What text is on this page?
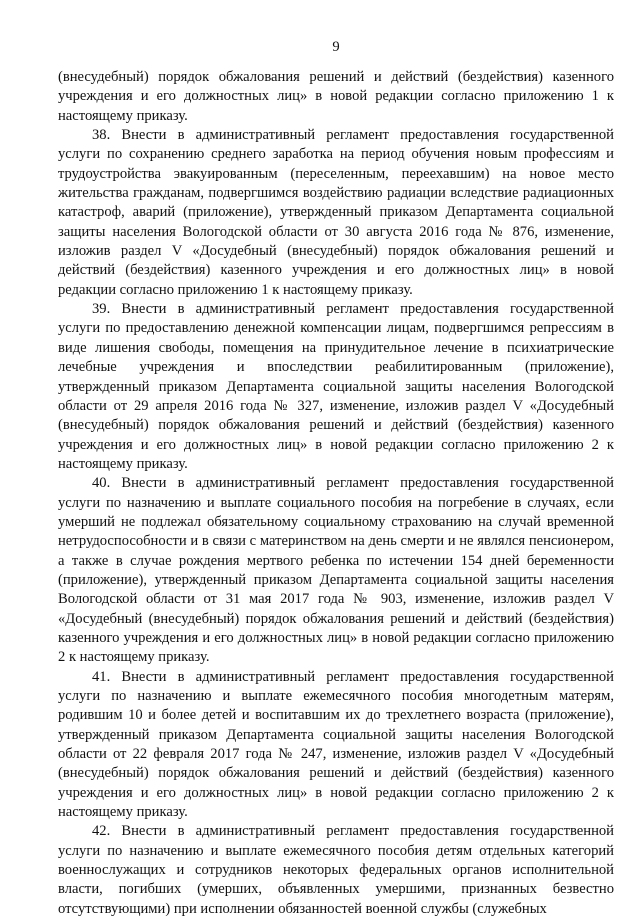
9

(внесудебный) порядок обжалования решений и действий (бездействия) казенного учреждения и его должностных лиц» в новой редакции согласно приложению 1 к настоящему приказу.

38. Внести в административный регламент предоставления государственной услуги по сохранению среднего заработка на период обучения новым профессиям и трудоустройства эвакуированным (переселенным, переехавшим) на новое место жительства гражданам, подвергшимся воздействию радиации вследствие радиационных катастроф, аварий (приложение), утвержденный приказом Департамента социальной защиты населения Вологодской области от 30 августа 2016 года № 876, изменение, изложив раздел V «Досудебный (внесудебный) порядок обжалования решений и действий (бездействия) казенного учреждения и его должностных лиц» в новой редакции согласно приложению 1 к настоящему приказу.

39. Внести в административный регламент предоставления государственной услуги по предоставлению денежной компенсации лицам, подвергшимся репрессиям в виде лишения свободы, помещения на принудительное лечение в психиатрические лечебные учреждения и впоследствии реабилитированным (приложение), утвержденный приказом Департамента социальной защиты населения Вологодской области от 29 апреля 2016 года № 327, изменение, изложив раздел V «Досудебный (внесудебный) порядок обжалования решений и действий (бездействия) казенного учреждения и его должностных лиц» в новой редакции согласно приложению 2 к настоящему приказу.

40. Внести в административный регламент предоставления государственной услуги по назначению и выплате социального пособия на погребение в случаях, если умерший не подлежал обязательному социальному страхованию на случай временной нетрудоспособности и в связи с материнством на день смерти и не являлся пенсионером, а также в случае рождения мертвого ребенка по истечении 154 дней беременности (приложение), утвержденный приказом Департамента социальной защиты населения Вологодской области от 31 мая 2017 года № 903, изменение, изложив раздел V «Досудебный (внесудебный) порядок обжалования решений и действий (бездействия) казенного учреждения и его должностных лиц» в новой редакции согласно приложению 2 к настоящему приказу.

41. Внести в административный регламент предоставления государственной услуги по назначению и выплате ежемесячного пособия многодетным матерям, родившим 10 и более детей и воспитавшим их до трехлетнего возраста (приложение), утвержденный приказом Департамента социальной защиты населения Вологодской области от 22 февраля 2017 года № 247, изменение, изложив раздел V «Досудебный (внесудебный) порядок обжалования решений и действий (бездействия) казенного учреждения и его должностных лиц» в новой редакции согласно приложению 2 к настоящему приказу.

42. Внести в административный регламент предоставления государственной услуги по назначению и выплате ежемесячного пособия детям отдельных категорий военнослужащих и сотрудников некоторых федеральных органов исполнительной власти, погибших (умерших, объявленных умершими, признанных безвестно отсутствующими) при исполнении обязанностей военной службы (служебных
